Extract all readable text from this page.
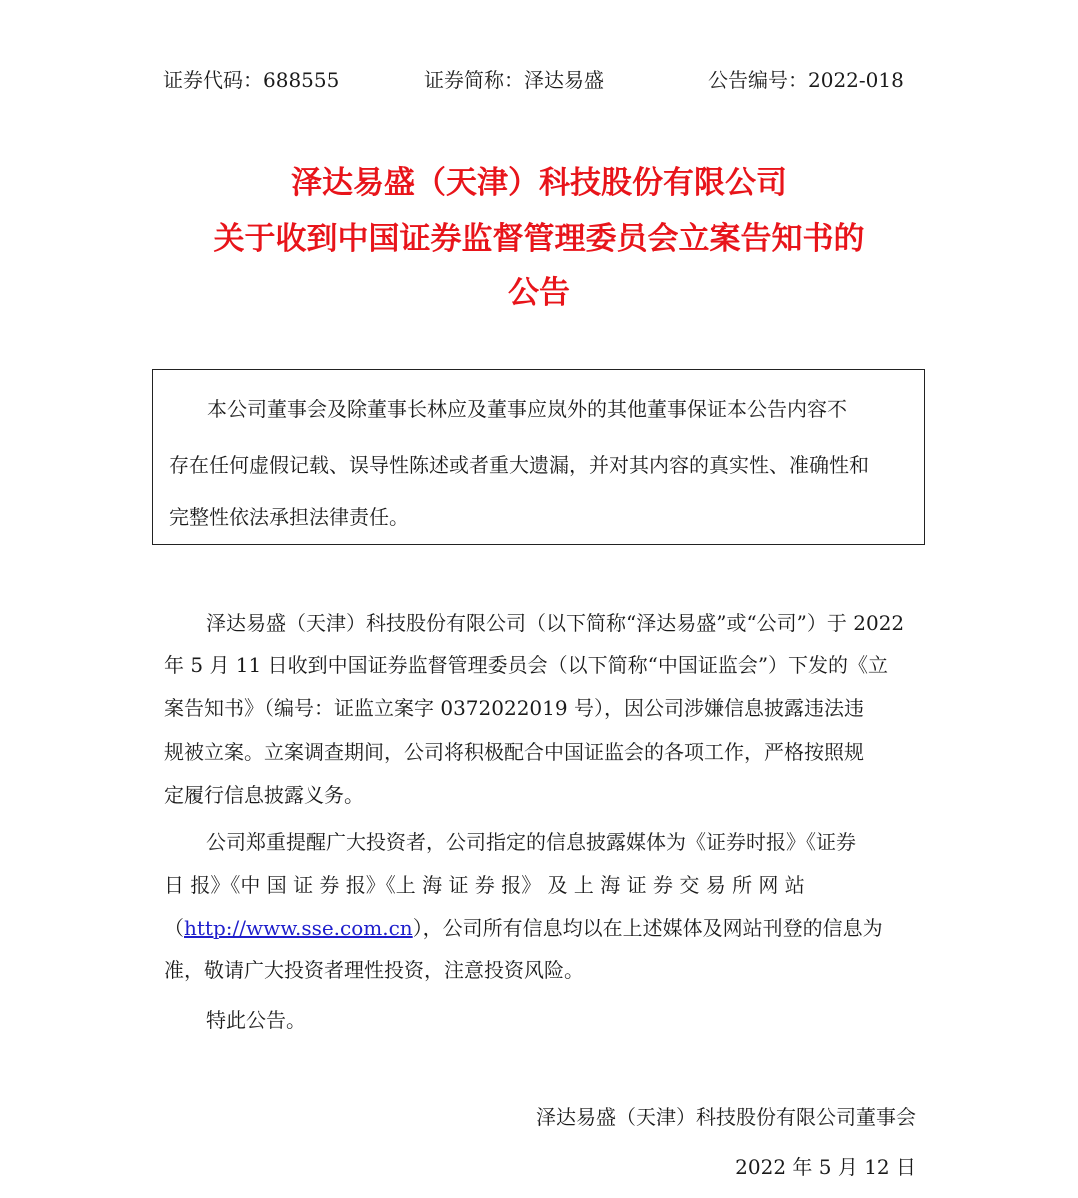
证券代码：688555	证券简称：泽达易盛	公告编号：2022-018
泽达易盛（天津）科技股份有限公司
关于收到中国证券监督管理委员会立案告知书的
公告
本公司董事会及除董事长林应及董事应岚外的其他董事保证本公告内容不
存在任何虚假记载、误导性陈述或者重大遗漏，并对其内容的真实性、准确性和
完整性依法承担法律责任。
泽达易盛（天津）科技股份有限公司（以下简称“泽达易盛”或“公司”）于 2022
年 5 月 11 日收到中国证券监督管理委员会（以下简称“中国证监会”）下发的《立
案告知书》（编号：证监立案字 0372022019 号），因公司涉嫌信息披露违法违
规被立案。立案调查期间，公司将积极配合中国证监会的各项工作，严格按照规
定履行信息披露义务。
公司郑重提醒广大投资者，公司指定的信息披露媒体为《证券时报》《证券
日 报》《中 国 证 券 报》《上 海 证 券 报》 及 上 海 证 券 交 易 所 网 站
（http://www.sse.com.cn），公司所有信息均以在上述媒体及网站刊登的信息为
准，敬请广大投资者理性投资，注意投资风险。
特此公告。
泽达易盛（天津）科技股份有限公司董事会
2022 年 5 月 12 日
